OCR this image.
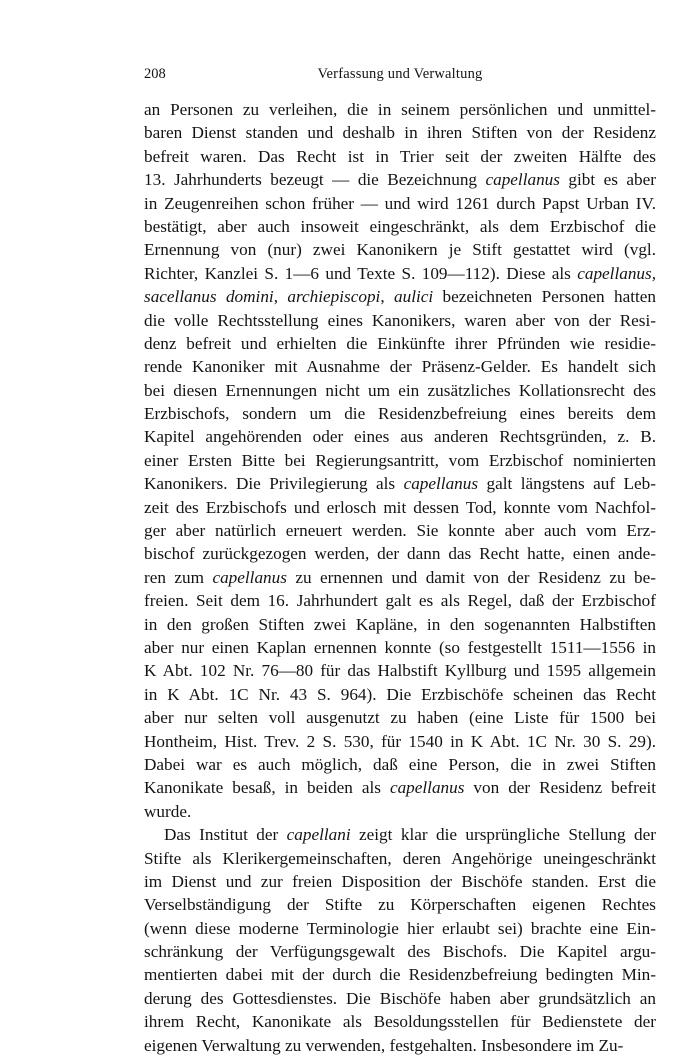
208	Verfassung und Verwaltung
an Personen zu verleihen, die in seinem persönlichen und unmittel-
baren Dienst standen und deshalb in ihren Stiften von der Residenz
befreit waren. Das Recht ist in Trier seit der zweiten Hälfte des
13. Jahrhunderts bezeugt — die Bezeichnung capellanus gibt es aber
in Zeugenreihen schon früher — und wird 1261 durch Papst Urban IV.
bestätigt, aber auch insoweit eingeschränkt, als dem Erzbischof die
Ernennung von (nur) zwei Kanonikern je Stift gestattet wird (vgl.
Richter, Kanzlei S. 1—6 und Texte S. 109—112). Diese als capellanus,
sacellanus domini, archiepiscopi, aulici bezeichneten Personen hatten
die volle Rechtsstellung eines Kanonikers, waren aber von der Resi-
denz befreit und erhielten die Einkünfte ihrer Pfründen wie residie-
rende Kanoniker mit Ausnahme der Präsenz-Gelder. Es handelt sich
bei diesen Ernennungen nicht um ein zusätzliches Kollationsrecht des
Erzbischofs, sondern um die Residenzbefreiung eines bereits dem
Kapitel angehörenden oder eines aus anderen Rechtsgründen, z. B.
einer Ersten Bitte bei Regierungsantritt, vom Erzbischof nominierten
Kanonikers. Die Privilegierung als capellanus galt längstens auf Leb-
zeit des Erzbischofs und erlosch mit dessen Tod, konnte vom Nachfol-
ger aber natürlich erneuert werden. Sie konnte aber auch vom Erz-
bischof zurückgezogen werden, der dann das Recht hatte, einen ande-
ren zum capellanus zu ernennen und damit von der Residenz zu be-
freien. Seit dem 16. Jahrhundert galt es als Regel, daß der Erzbischof
in den großen Stiften zwei Kapläne, in den sogenannten Halbstiften
aber nur einen Kaplan ernennen konnte (so festgestellt 1511—1556 in
K Abt. 102 Nr. 76—80 für das Halbstift Kyllburg und 1595 allgemein
in K Abt. 1C Nr. 43 S. 964). Die Erzbischöfe scheinen das Recht
aber nur selten voll ausgenutzt zu haben (eine Liste für 1500 bei
Hontheim, Hist. Trev. 2 S. 530, für 1540 in K Abt. 1C Nr. 30 S. 29).
Dabei war es auch möglich, daß eine Person, die in zwei Stiften
Kanonikate besaß, in beiden als capellanus von der Residenz befreit
wurde.
Das Institut der capellani zeigt klar die ursprüngliche Stellung der
Stifte als Klerikergemeinschaften, deren Angehörige uneingeschränkt
im Dienst und zur freien Disposition der Bischöfe standen. Erst die
Verselbständigung der Stifte zu Körperschaften eigenen Rechtes
(wenn diese moderne Terminologie hier erlaubt sei) brachte eine Ein-
schränkung der Verfügungsgewalt des Bischofs. Die Kapitel argu-
mentierten dabei mit der durch die Residenzbefreiung bedingten Min-
derung des Gottesdienstes. Die Bischöfe haben aber grundsätzlich an
ihrem Recht, Kanonikate als Besoldungsstellen für Bedienstete der
eigenen Verwaltung zu verwenden, festgehalten. Insbesondere im Zu-
